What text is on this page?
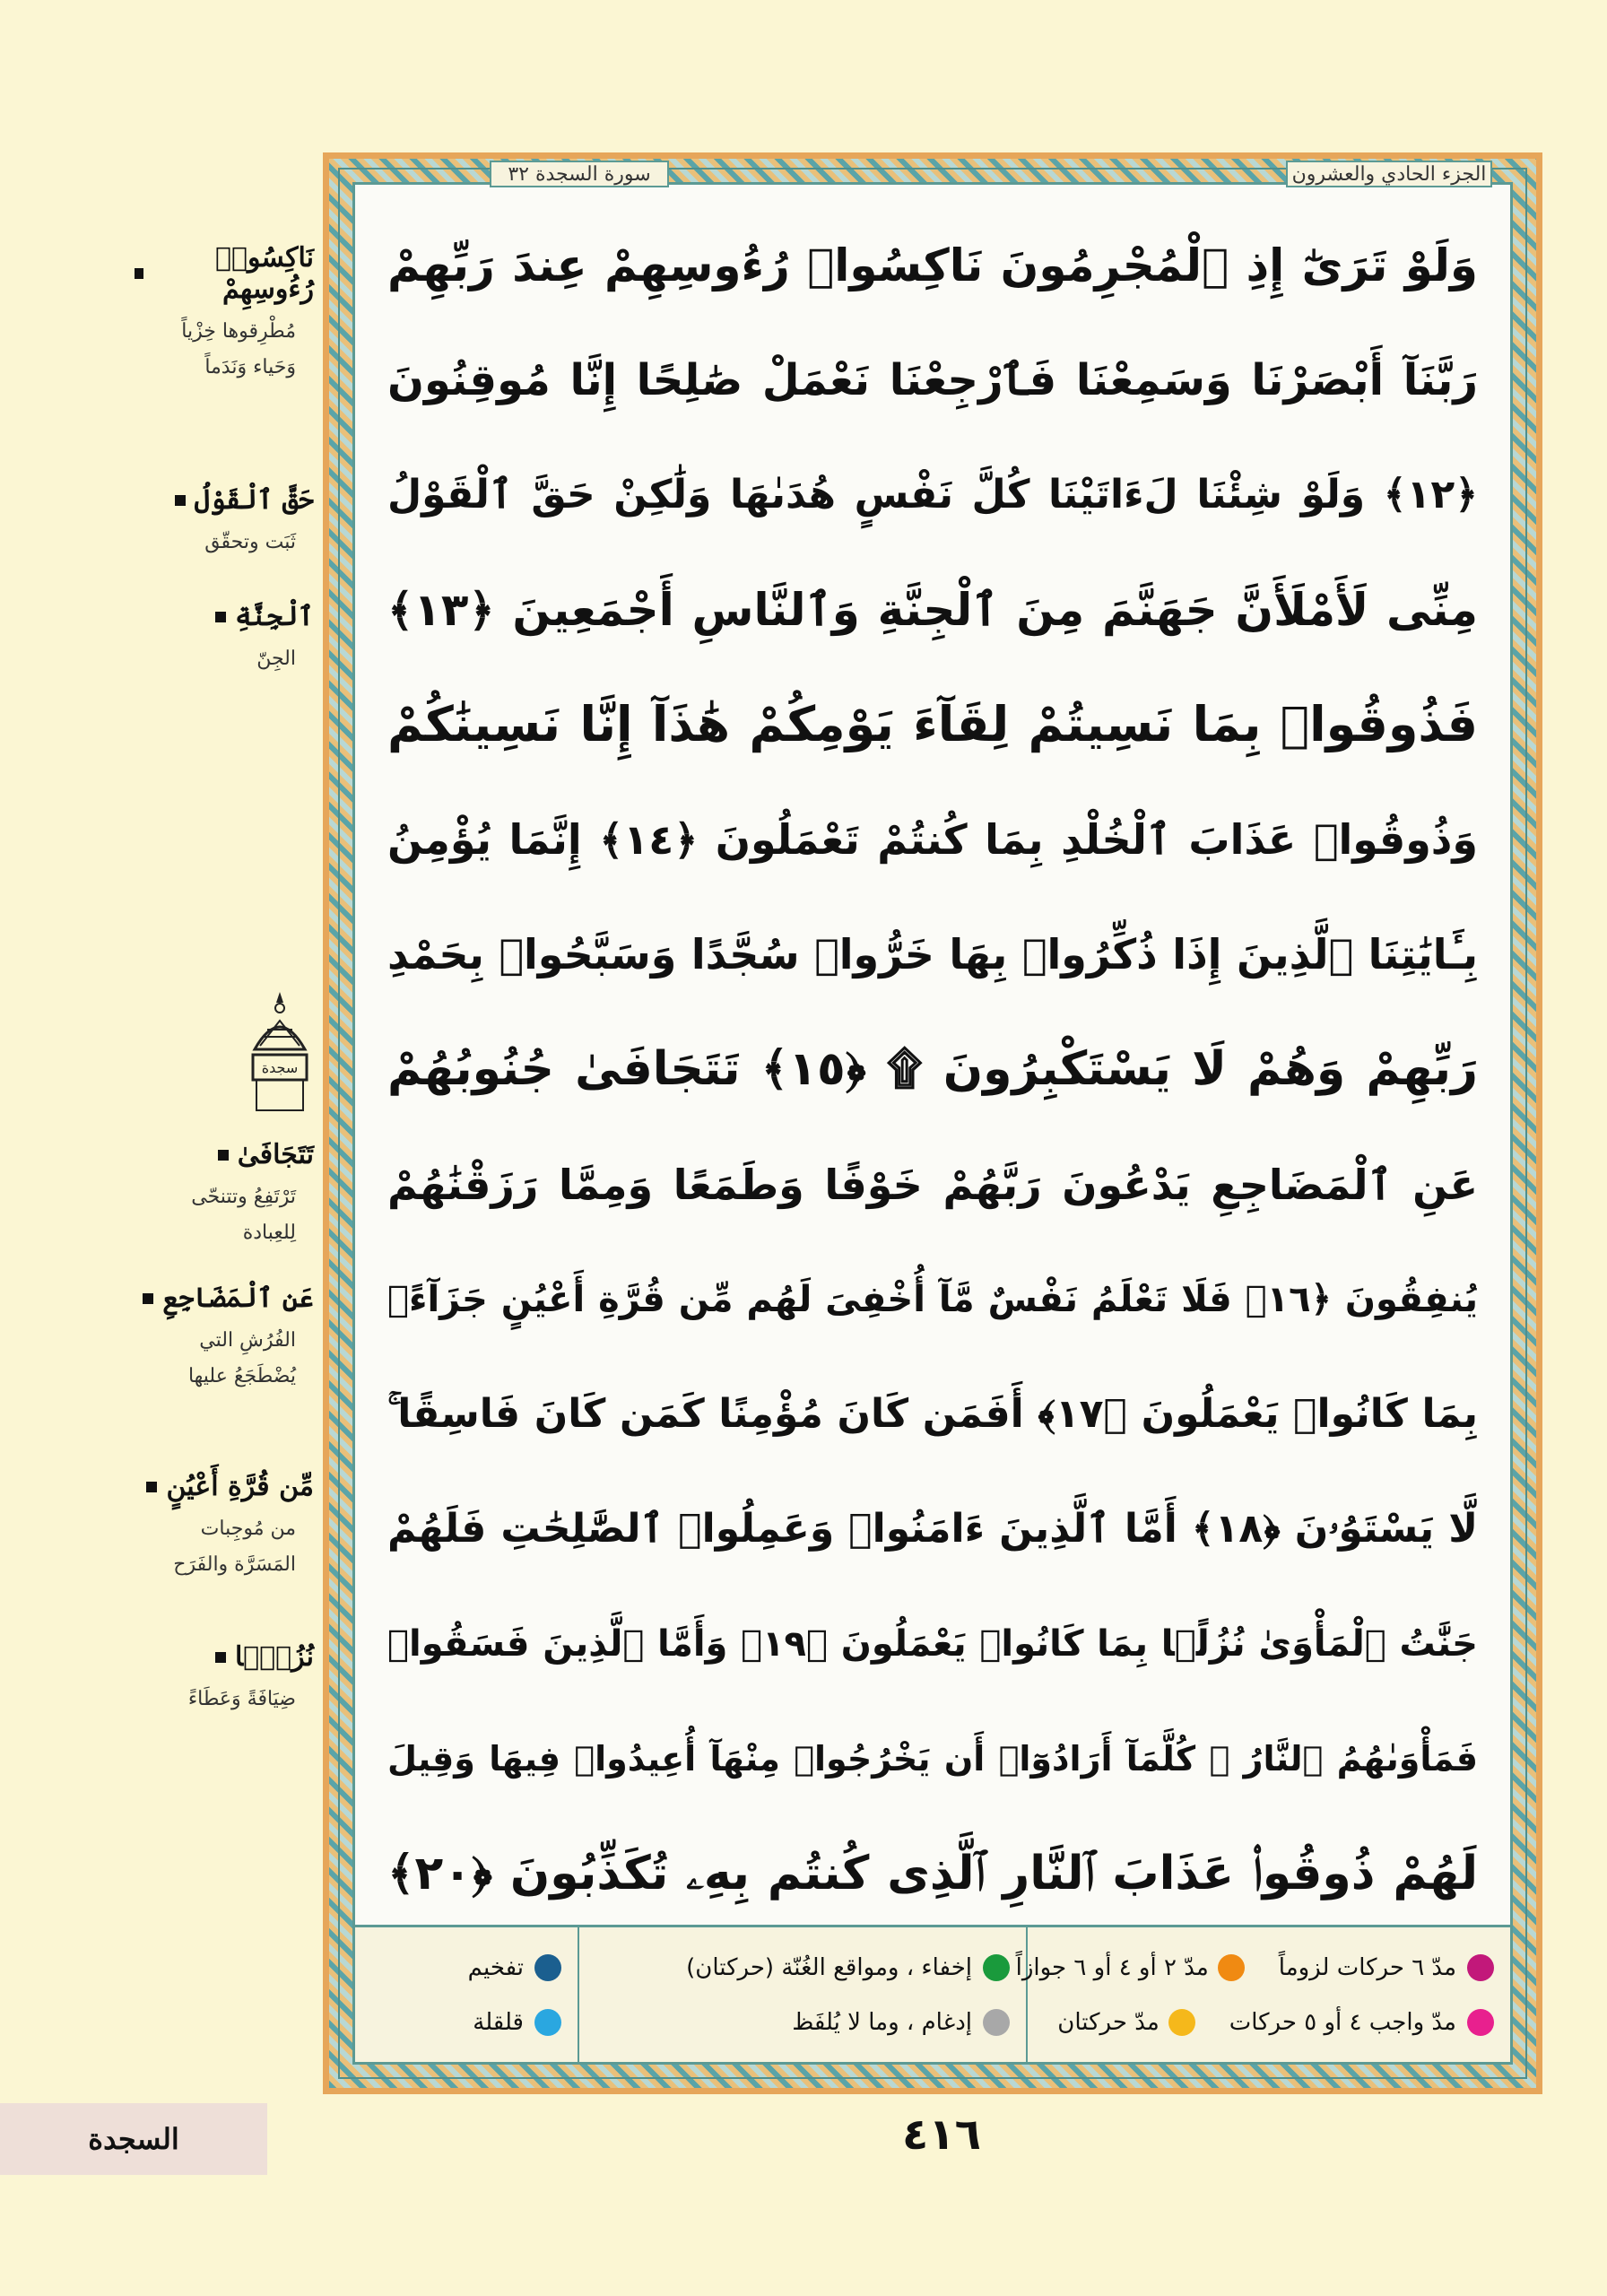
نَاكِسُوا۟ رُءُوسِهِمْ
مُطْرِقوها خِزْياً وَحَياء وَنَدَماً
حَقَّ ٱلْقَوْلُ
ثَبَت وتحقّق
ٱلْجِنَّةِ
الجِنّ
تَتَجَافَىٰ
تَرْتَفِعُ وتتنحّى لِلعِبادة
عَنِ ٱلْمَضَاجِعِ
الفُرُشِ التي يُضْطَجَعُ عليها
مِّن قُرَّةِ أَعْيُنٍ
من مُوجِبات المَسَرَّة والفَرَح
نُزُلًۢا
ضِيَافَةً وَعَطَاءً
سجدة
الجزء الحادي والعشرون
سورة السجدة ٣٢
وَلَوْ تَرَىٰٓ إِذِ ٱلْمُجْرِمُونَ نَاكِسُوا۟ رُءُوسِهِمْ عِندَ رَبِّهِمْ
رَبَّنَآ أَبْصَرْنَا وَسَمِعْنَا فَٱرْجِعْنَا نَعْمَلْ صَٰلِحًا إِنَّا مُوقِنُونَ
﴿١٢﴾ وَلَوْ شِئْنَا لَءَاتَيْنَا كُلَّ نَفْسٍ هُدَىٰهَا وَلَٰكِنْ حَقَّ ٱلْقَوْلُ
مِنِّى لَأَمْلَأَنَّ جَهَنَّمَ مِنَ ٱلْجِنَّةِ وَٱلنَّاسِ أَجْمَعِينَ ﴿١٣﴾
فَذُوقُوا۟ بِمَا نَسِيتُمْ لِقَآءَ يَوْمِكُمْ هَٰذَآ إِنَّا نَسِينَٰكُمْ
وَذُوقُوا۟ عَذَابَ ٱلْخُلْدِ بِمَا كُنتُمْ تَعْمَلُونَ ﴿١٤﴾ إِنَّمَا يُؤْمِنُ
بِـَٔايَٰتِنَا ٱلَّذِينَ إِذَا ذُكِّرُوا۟ بِهَا خَرُّوا۟ سُجَّدًا وَسَبَّحُوا۟ بِحَمْدِ
رَبِّهِمْ وَهُمْ لَا يَسْتَكْبِرُونَ ۩ ﴿١٥﴾ تَتَجَافَىٰ جُنُوبُهُمْ
عَنِ ٱلْمَضَاجِعِ يَدْعُونَ رَبَّهُمْ خَوْفًا وَطَمَعًا وَمِمَّا رَزَقْنَٰهُمْ
يُنفِقُونَ ﴿١٦﴾ فَلَا تَعْلَمُ نَفْسٌ مَّآ أُخْفِىَ لَهُم مِّن قُرَّةِ أَعْيُنٍ جَزَآءًۢ
بِمَا كَانُوا۟ يَعْمَلُونَ ﴿١٧﴾ أَفَمَن كَانَ مُؤْمِنًا كَمَن كَانَ فَاسِقًا ۚ
لَّا يَسْتَوُۥنَ ﴿١٨﴾ أَمَّا ٱلَّذِينَ ءَامَنُوا۟ وَعَمِلُوا۟ ٱلصَّٰلِحَٰتِ فَلَهُمْ
جَنَّٰتُ ٱلْمَأْوَىٰ نُزُلًۢا بِمَا كَانُوا۟ يَعْمَلُونَ ﴿١٩﴾ وَأَمَّا ٱلَّذِينَ فَسَقُوا۟
فَمَأْوَىٰهُمُ ٱلنَّارُ ۖ كُلَّمَآ أَرَادُوٓا۟ أَن يَخْرُجُوا۟ مِنْهَآ أُعِيدُوا۟ فِيهَا وَقِيلَ
لَهُمْ ذُوقُوا۟ عَذَابَ ٱلنَّارِ ٱلَّذِى كُنتُم بِهِۦ تُكَذِّبُونَ ﴿٢٠﴾
مدّ ٦ حركات لزوماً
مدّ ٢ أو ٤ أو ٦ جوازاً
مدّ واجب ٤ أو ٥ حركات
مدّ حركتان
إخفاء ، ومواقع الغُنّة (حركتان)
إدغام ، وما لا يُلفَظ
تفخيم
قلقلة
السجدة	٤١٦
